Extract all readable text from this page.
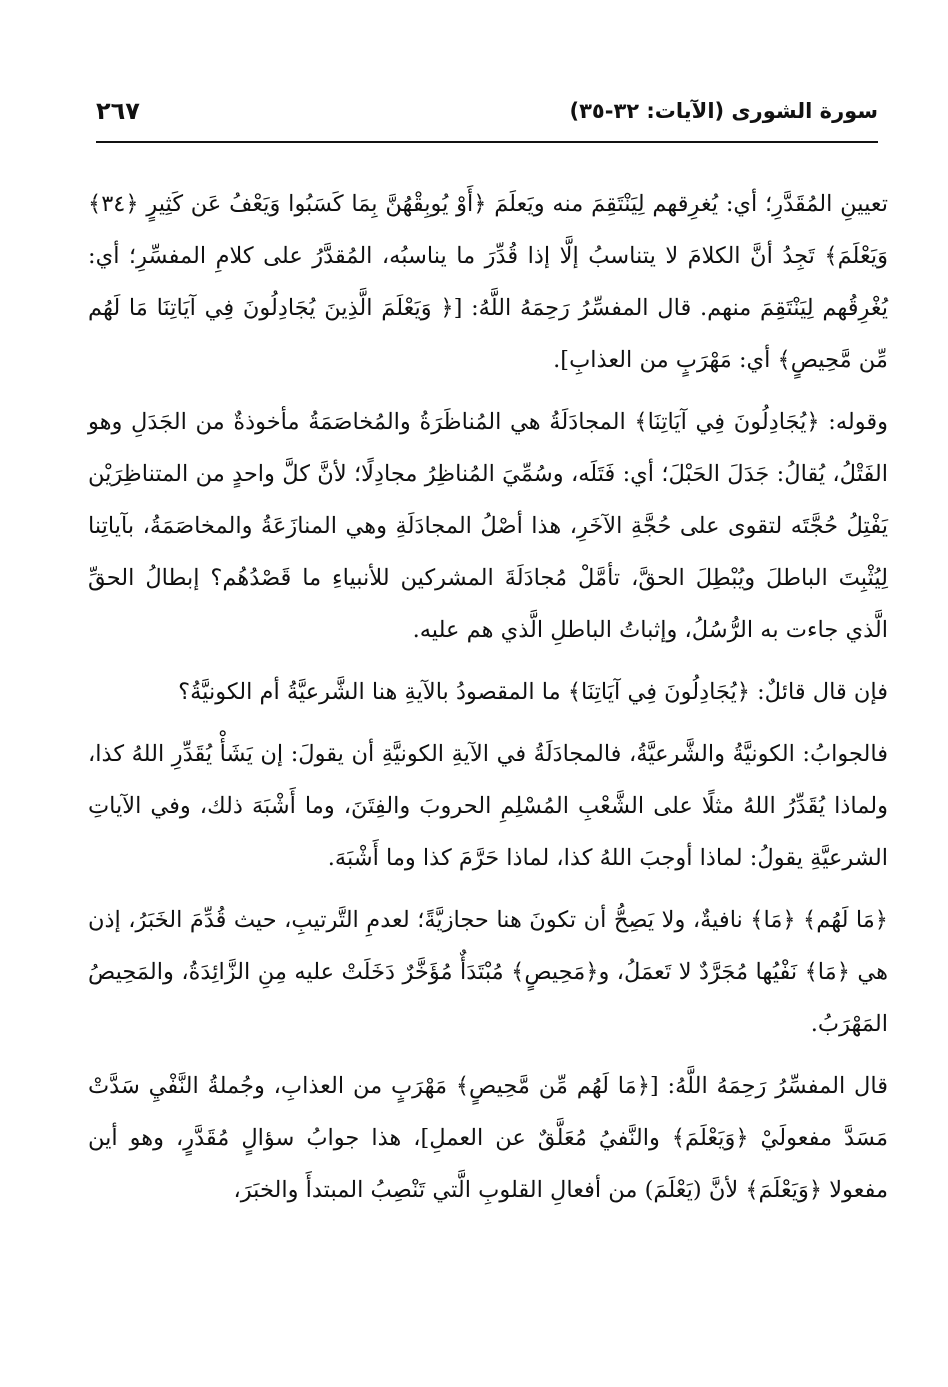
سورة الشورى (الآيات: ٣٢-٣٥)
٢٦٧

تعيينِ المُقَدَّرِ؛ أي: يُغرِقهم لِيَنْتَقِمَ منه ويَعلَمَ ﴿أَوْ يُوبِقْهُنَّ بِمَا كَسَبُوا وَيَعْفُ عَن كَثِيرٍ ﴿٣٤﴾ وَيَعْلَمَ﴾ تَجِدُ أنَّ الكلامَ لا يتناسبُ إلَّا إذا قُدِّرَ ما يناسبُه، المُقدَّرُ على كلامِ المفسِّرِ؛ أي: يُغْرِقُهم لِيَنْتَقِمَ منهم. قال المفسِّرُ رَحِمَهُ اللَّهُ: [﴿ وَيَعْلَمَ الَّذِينَ يُجَادِلُونَ فِي آيَاتِنَا مَا لَهُم مِّن مَّحِيصٍ﴾ أي: مَهْرَبٍ من العذابِ].

وقوله: ﴿يُجَادِلُونَ فِي آيَاتِنَا﴾ المجادَلَةُ هي المُناظَرَةُ والمُخاصَمَةُ مأخوذةٌ من الجَدَلِ وهو الفَتْلُ، يُقالُ: جَدَلَ الحَبْلَ؛ أي: فَتَلَه، وسُمِّيَ المُناظِرُ مجادِلًا؛ لأنَّ كلَّ واحدٍ من المتناظِرَيْن يَفْتِلُ حُجَّتَه لتقوى على حُجَّةِ الآخَرِ، هذا أصْلُ المجادَلَةِ وهي المنازَعَةُ والمخاصَمَةُ، بآياتِنا لِيُثْبِتَ الباطلَ ويُبْطِلَ الحقَّ، تأمَّلْ مُجادَلَةَ المشركين للأنبياءِ ما قَصْدُهُم؟ إبطالُ الحقِّ الَّذي جاءت به الرُّسُلُ، وإثباتُ الباطلِ الَّذي هم عليه.

فإن قال قائلٌ: ﴿يُجَادِلُونَ فِي آيَاتِنَا﴾ ما المقصودُ بالآيةِ هنا الشَّرعيَّةُ أم الكونيَّةُ؟

فالجوابُ: الكونيَّةُ والشَّرعيَّةُ، فالمجادَلَةُ في الآيةِ الكونيَّةِ أن يقولَ: إن يَشَأْ يُقَدِّرِ اللهُ كذا، ولماذا يُقَدِّرُ اللهُ مثلًا على الشَّعْبِ المُسْلِمِ الحروبَ والفِتَنَ، وما أَشْبَهَ ذلك، وفي الآياتِ الشرعيَّةِ يقولُ: لماذا أوجبَ اللهُ كذا، لماذا حَرَّمَ كذا وما أَشْبَهَ.

﴿مَا لَهُم﴾ ﴿مَا﴾ نافيةٌ، ولا يَصِحُّ أن تكونَ هنا حجازيَّةً؛ لعدمِ التَّرتيبِ، حيث قُدِّمَ الخَبَرُ، إذن هي ﴿مَا﴾ نَفْيُها مُجَرَّدٌ لا تَعمَلُ، و﴿مَحِيصٍ﴾ مُبْتَدَأٌ مُؤَخَّرٌ دَخَلَتْ عليه مِنِ الزَّائِدَةُ، والمَحِيصُ المَهْرَبُ.

قال المفسِّرُ رَحِمَهُ اللَّهُ: [﴿مَا لَهُم مِّن مَّحِيصٍ﴾ مَهْرَبٍ من العذابِ، وجُملةُ النَّفْيِ سَدَّتْ مَسَدَّ مفعولَيْ ﴿وَيَعْلَمَ﴾ والنَّفيُ مُعَلَّقٌ عن العملِ]، هذا جوابُ سؤالٍ مُقَدَّرٍ، وهو أين مفعولا ﴿وَيَعْلَمَ﴾ لأنَّ (يَعْلَمَ) من أفعالِ القلوبِ الَّتي تَنْصِبُ المبتدأَ والخبَرَ،
